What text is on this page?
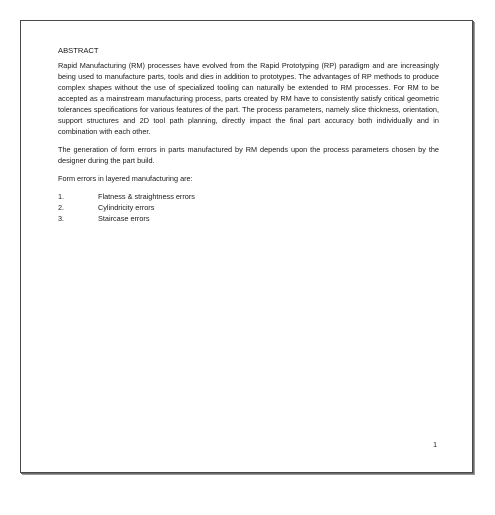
ABSTRACT

Rapid Manufacturing (RM) processes have evolved from the Rapid Prototyping (RP) paradigm and are increasingly being used to manufacture parts, tools and dies in addition to prototypes. The advantages of RP methods to produce complex shapes without the use of specialized tooling can naturally be extended to RM processes. For RM to be accepted as a mainstream manufacturing process, parts created by RM have to consistently satisfy critical geometric tolerances specifications for various features of the part. The process parameters, namely slice thickness, orientation, support structures and 2D tool path planning, directly impact the final part accuracy both individually and in combination with each other.

The generation of form errors in parts manufactured by RM depends upon the process parameters chosen by the designer during the part build.

Form errors in layered manufacturing are:

1.	Flatness & straightness errors
2.	Cylindricity errors
3.	Staircase errors
1
